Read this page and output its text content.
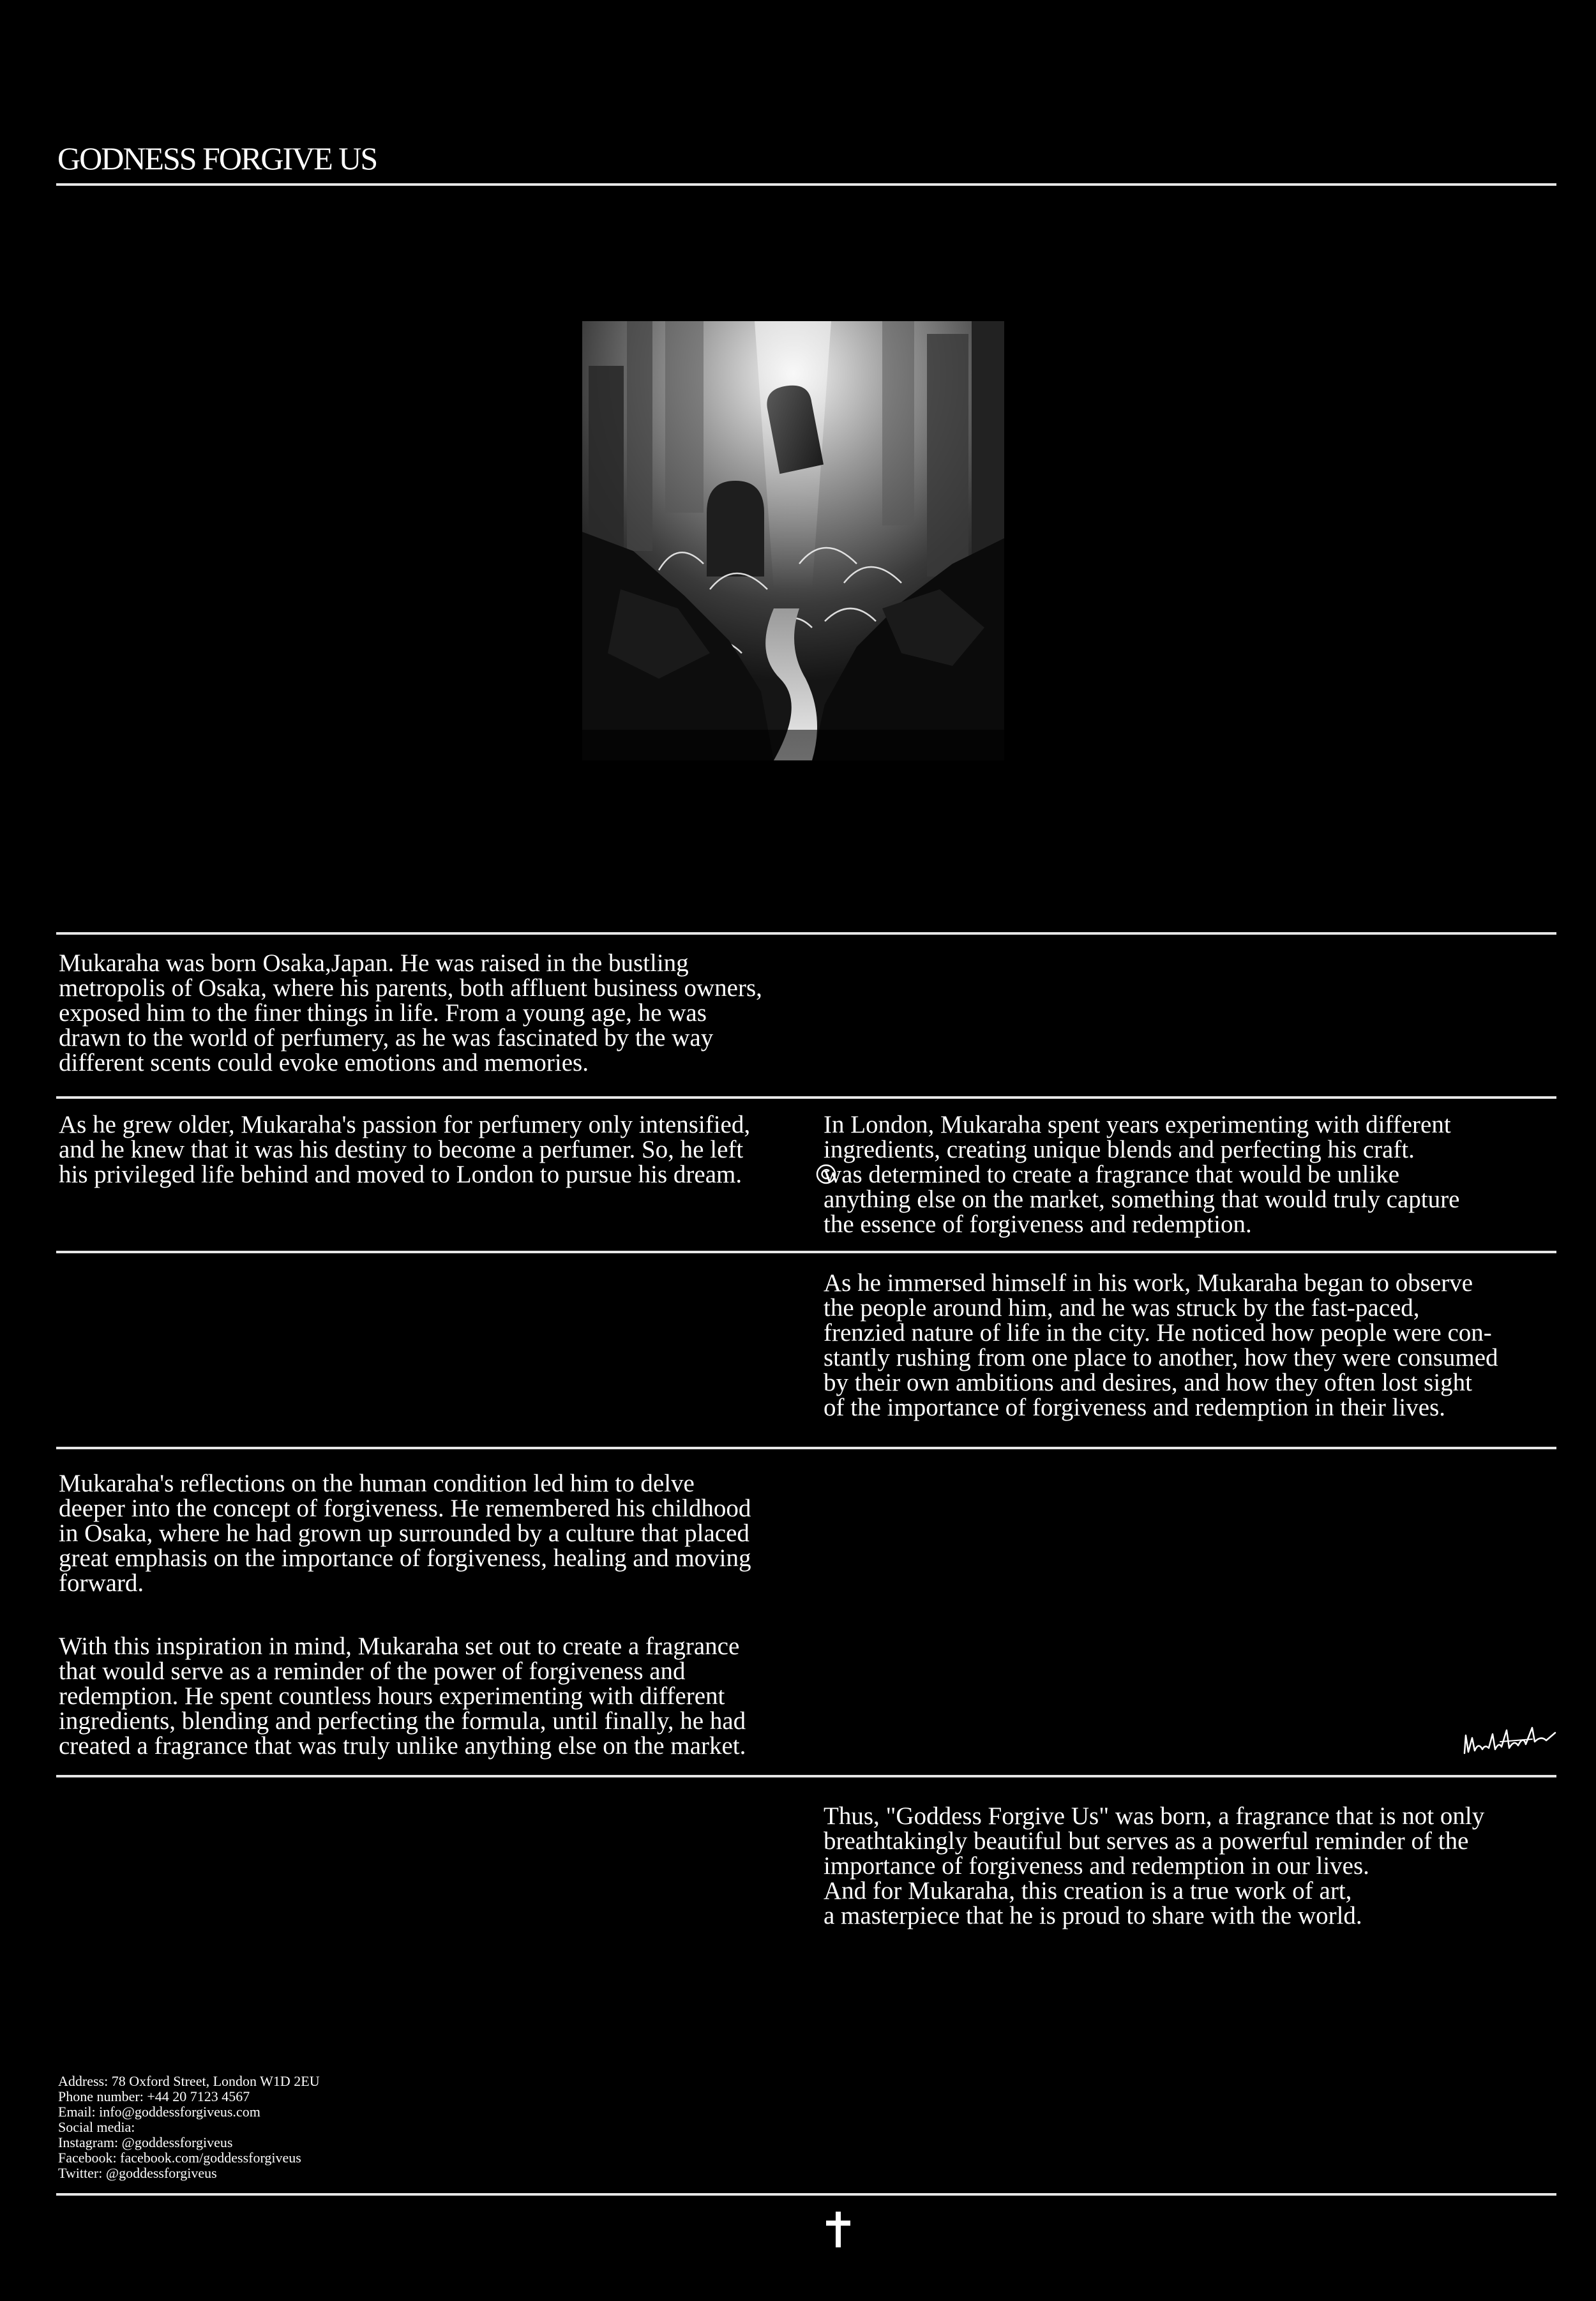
GODNESS FORGIVE US

Mukaraha was born Osaka,Japan. He was raised in the bustling
metropolis of Osaka, where his parents, both affluent business owners,
exposed him to the finer things in life. From a young age, he was
drawn to the world of perfumery, as he was fascinated by the way
different scents could evoke emotions and memories.

As he grew older, Mukaraha's passion for perfumery only intensified,
and he knew that it was his destiny to become a perfumer. So, he left
his privileged life behind and moved to London to pursue his dream.

In London, Mukaraha spent years experimenting with different
ingredients, creating unique blends and perfecting his craft.
was determined to create a fragrance that would be unlike
anything else on the market, something that would truly capture
the essence of forgiveness and redemption.

As he immersed himself in his work, Mukaraha began to observe
the people around him, and he was struck by the fast-paced,
frenzied nature of life in the city. He noticed how people were con-
stantly rushing from one place to another, how they were consumed
by their own ambitions and desires, and how they often lost sight
of the importance of forgiveness and redemption in their lives.

Mukaraha's reflections on the human condition led him to delve
deeper into the concept of forgiveness. He remembered his childhood
in Osaka, where he had grown up surrounded by a culture that placed
great emphasis on the importance of forgiveness, healing and moving
forward.

With this inspiration in mind, Mukaraha set out to create a fragrance
that would serve as a reminder of the power of forgiveness and
redemption. He spent countless hours experimenting with different
ingredients, blending and perfecting the formula, until finally, he had
created a fragrance that was truly unlike anything else on the market.

Thus, "Goddess Forgive Us" was born, a fragrance that is not only
breathtakingly beautiful but serves as a powerful reminder of the
importance of forgiveness and redemption in our lives.
And for Mukaraha, this creation is a true work of art,
a masterpiece that he is proud to share with the world.

Address: 78 Oxford Street, London W1D 2EU
Phone number: +44 20 7123 4567
Email: info@goddessforgiveus.com
Social media:
Instagram: @goddessforgiveus
Facebook: facebook.com/goddessforgiveus
Twitter: @goddessforgiveus
